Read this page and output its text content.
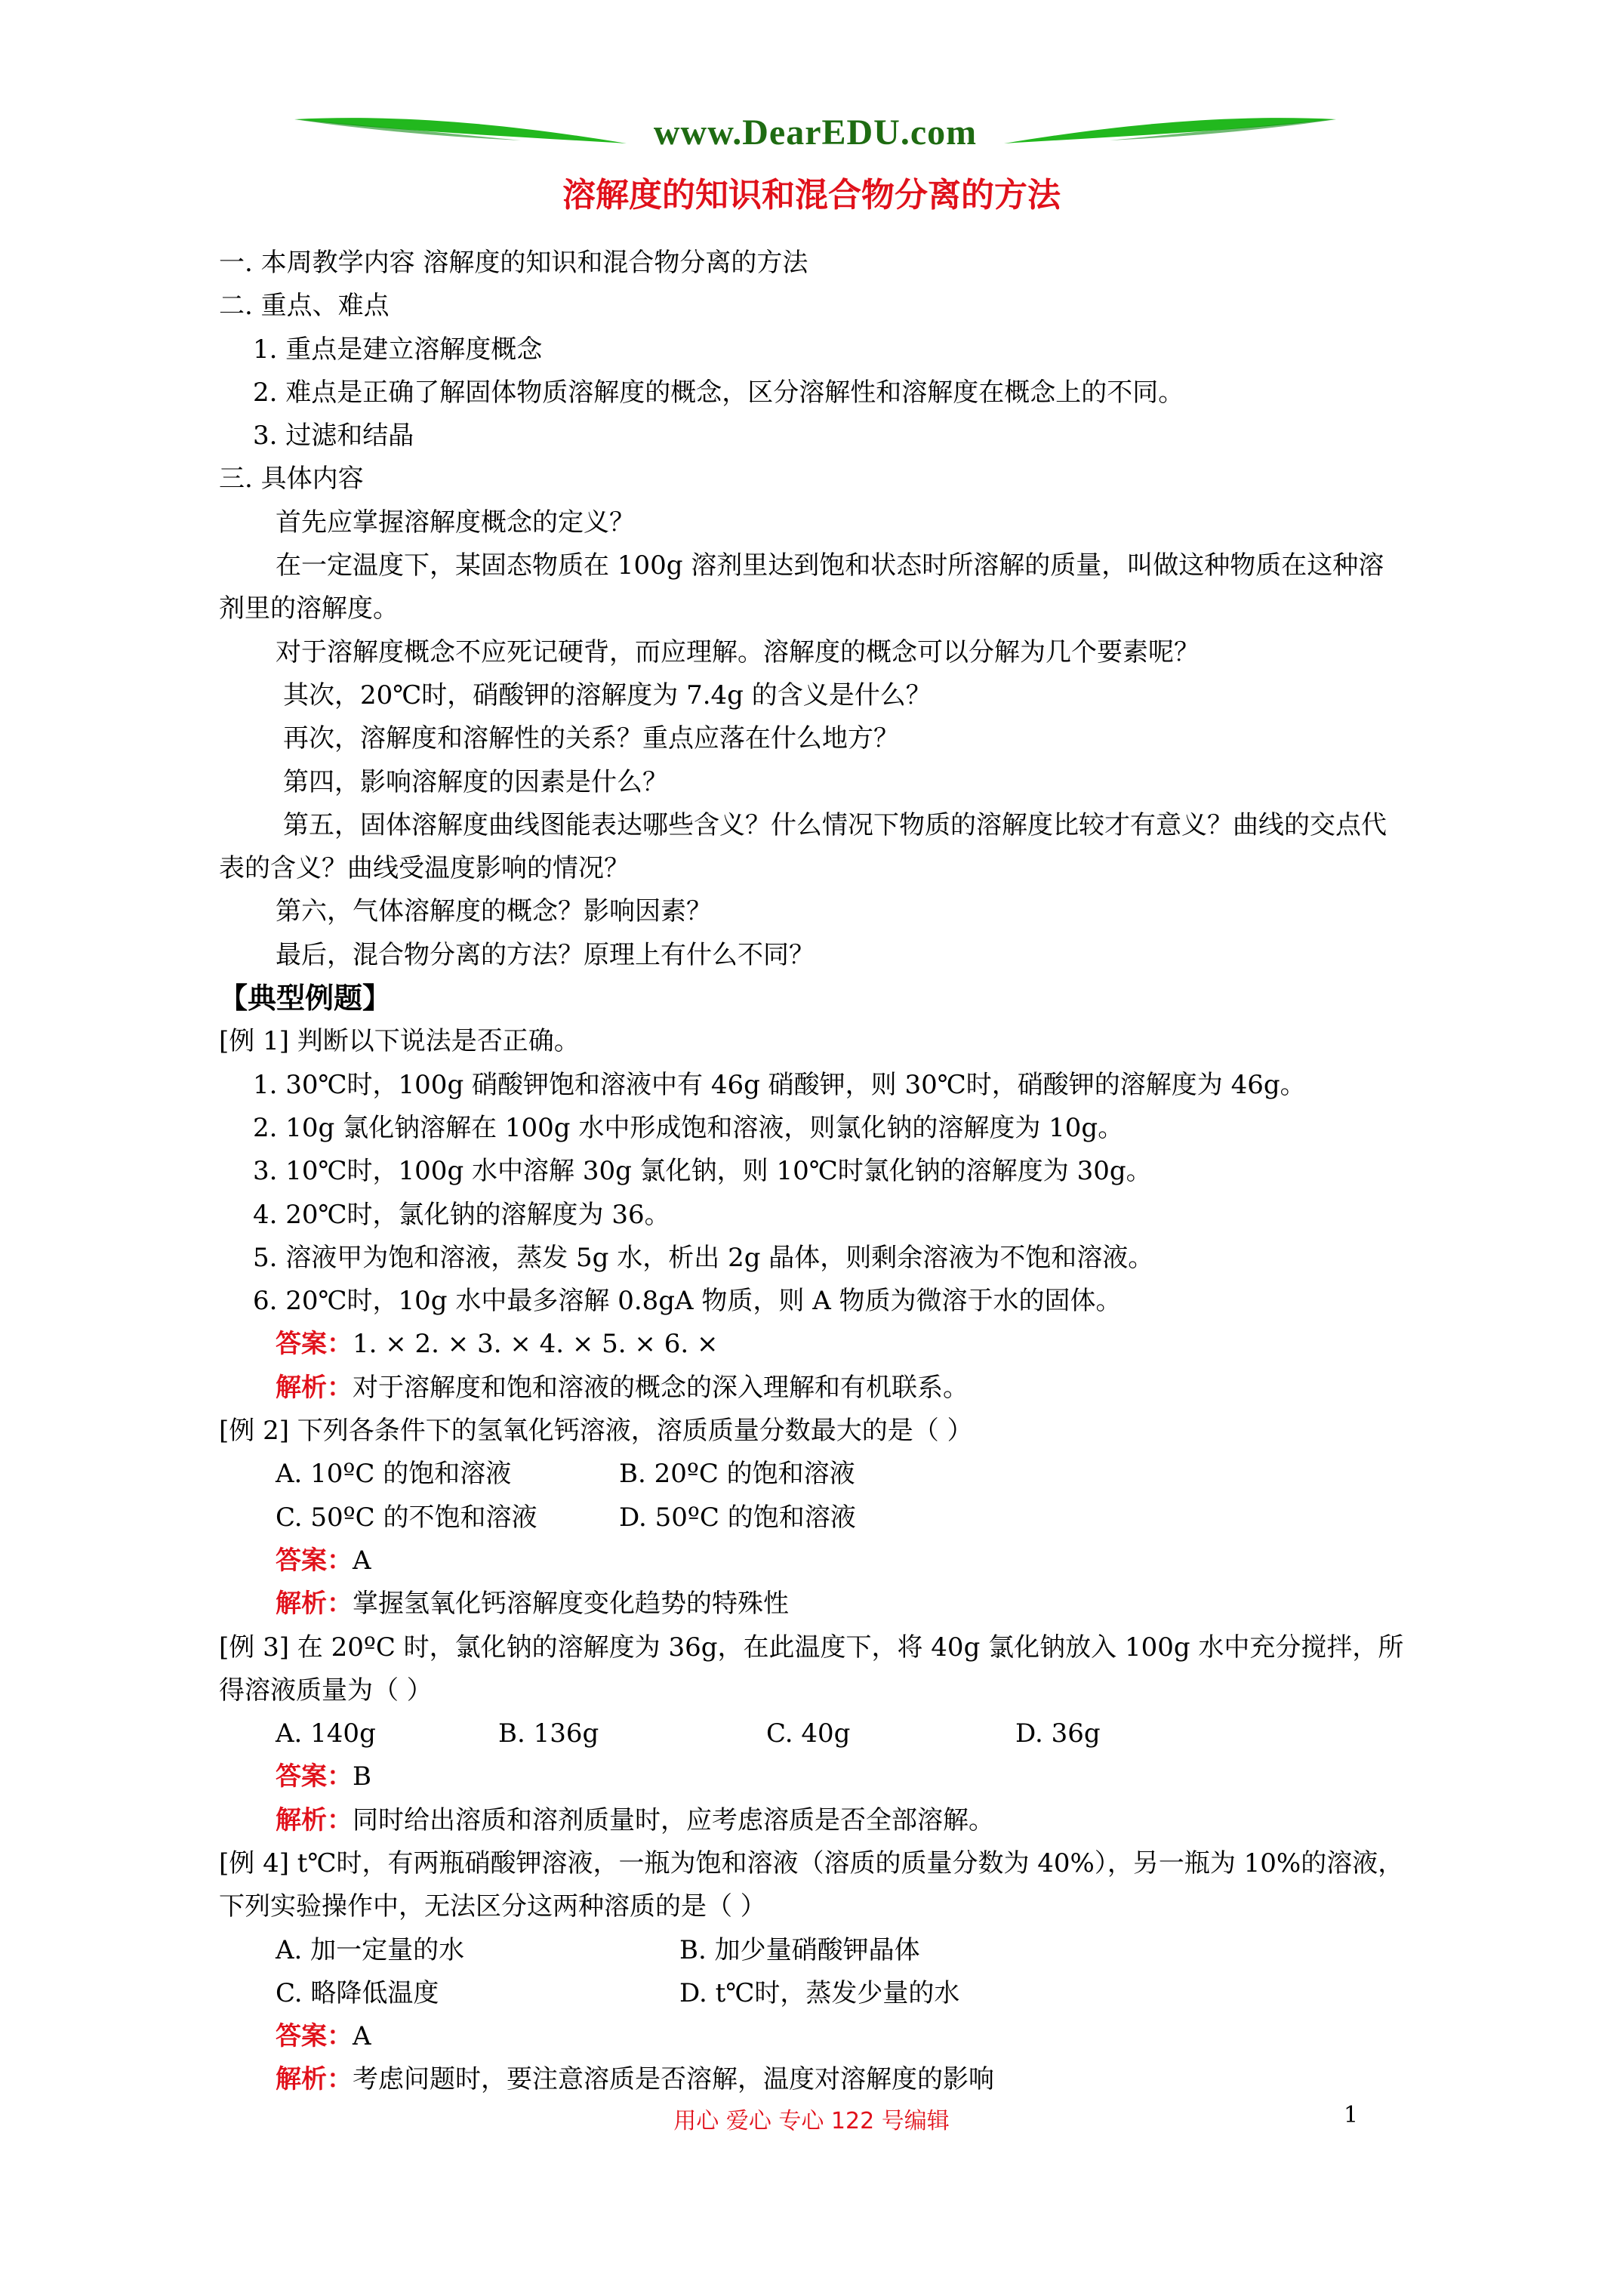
www.DearEDU.com
溶解度的知识和混合物分离的方法
一. 本周教学内容 溶解度的知识和混合物分离的方法
二. 重点、难点
1. 重点是建立溶解度概念
2. 难点是正确了解固体物质溶解度的概念，区分溶解性和溶解度在概念上的不同。
3. 过滤和结晶
三. 具体内容
首先应掌握溶解度概念的定义？
在一定温度下，某固态物质在 100g 溶剂里达到饱和状态时所溶解的质量，叫做这种物质在这种溶剂里的溶解度。
对于溶解度概念不应死记硬背，而应理解。溶解度的概念可以分解为几个要素呢？
其次，20℃时，硝酸钾的溶解度为 7.4g 的含义是什么？
再次，溶解度和溶解性的关系？重点应落在什么地方？
第四，影响溶解度的因素是什么？
第五，固体溶解度曲线图能表达哪些含义？什么情况下物质的溶解度比较才有意义？曲线的交点代表的含义？曲线受温度影响的情况？
第六，气体溶解度的概念？影响因素？
最后，混合物分离的方法？原理上有什么不同？
【典型例题】
[例 1] 判断以下说法是否正确。
1. 30℃时，100g 硝酸钾饱和溶液中有 46g 硝酸钾，则 30℃时，硝酸钾的溶解度为 46g。
2. 10g 氯化钠溶解在 100g 水中形成饱和溶液，则氯化钠的溶解度为 10g。
3. 10℃时，100g 水中溶解 30g 氯化钠，则 10℃时氯化钠的溶解度为 30g。
4. 20℃时，氯化钠的溶解度为 36。
5. 溶液甲为饱和溶液，蒸发 5g 水，析出 2g 晶体，则剩余溶液为不饱和溶液。
6. 20℃时，10g 水中最多溶解 0.8gA 物质，则 A 物质为微溶于水的固体。
答案：1. × 2. × 3. × 4. × 5. × 6. ×
解析：对于溶解度和饱和溶液的概念的深入理解和有机联系。
[例 2] 下列各条件下的氢氧化钙溶液，溶质质量分数最大的是（ ）
A. 10ºC 的饱和溶液	B. 20ºC 的饱和溶液
C. 50ºC 的不饱和溶液	D. 50ºC 的饱和溶液
答案：A
解析：掌握氢氧化钙溶解度变化趋势的特殊性
[例 3] 在 20ºC 时，氯化钠的溶解度为 36g，在此温度下，将 40g 氯化钠放入 100g 水中充分搅拌，所得溶液质量为（ ）
A. 140g	B. 136g	C. 40g	D. 36g
答案：B
解析：同时给出溶质和溶剂质量时，应考虑溶质是否全部溶解。
[例 4] t℃时，有两瓶硝酸钾溶液，一瓶为饱和溶液（溶质的质量分数为 40%），另一瓶为 10%的溶液，下列实验操作中，无法区分这两种溶质的是（ ）
A. 加一定量的水	B. 加少量硝酸钾晶体
C. 略降低温度	D. t℃时，蒸发少量的水
答案：A
解析：考虑问题时，要注意溶质是否溶解，温度对溶解度的影响
用心 爱心 专心 122 号编辑	1
